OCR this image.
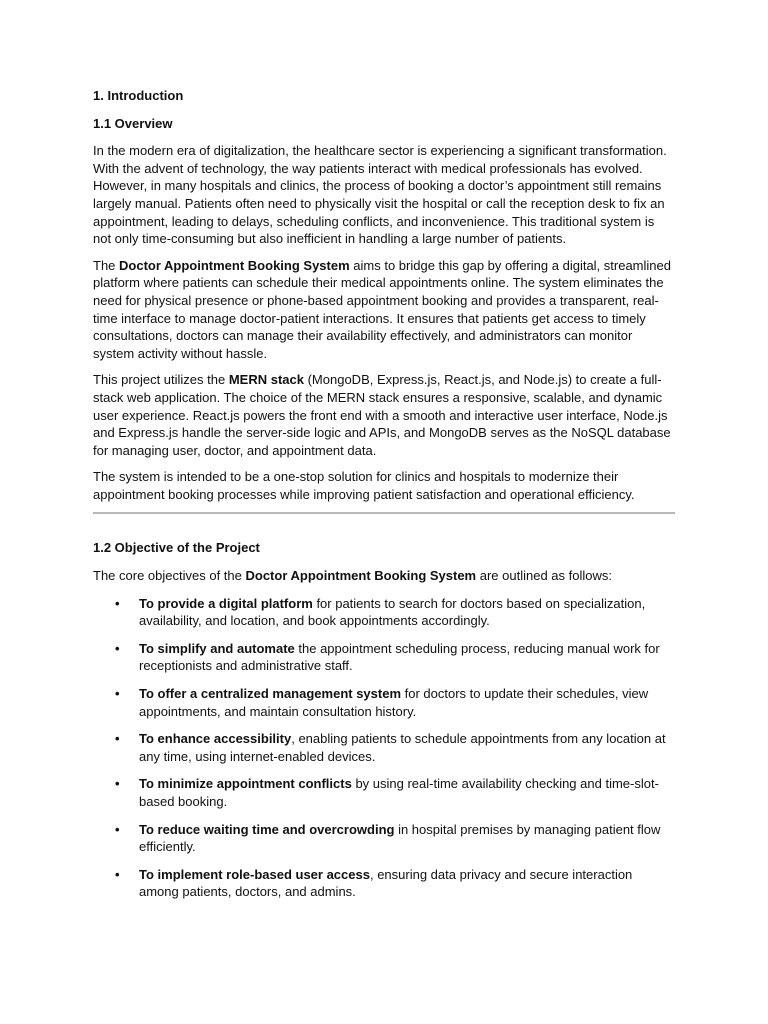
1. Introduction
1.1 Overview

In the modern era of digitalization, the healthcare sector is experiencing a significant transformation. With the advent of technology, the way patients interact with medical professionals has evolved. However, in many hospitals and clinics, the process of booking a doctor’s appointment still remains largely manual. Patients often need to physically visit the hospital or call the reception desk to fix an appointment, leading to delays, scheduling conflicts, and inconvenience. This traditional system is not only time-consuming but also inefficient in handling a large number of patients.

The Doctor Appointment Booking System aims to bridge this gap by offering a digital, streamlined platform where patients can schedule their medical appointments online. The system eliminates the need for physical presence or phone-based appointment booking and provides a transparent, real-time interface to manage doctor-patient interactions. It ensures that patients get access to timely consultations, doctors can manage their availability effectively, and administrators can monitor system activity without hassle.

This project utilizes the MERN stack (MongoDB, Express.js, React.js, and Node.js) to create a full-stack web application. The choice of the MERN stack ensures a responsive, scalable, and dynamic user experience. React.js powers the front end with a smooth and interactive user interface, Node.js and Express.js handle the server-side logic and APIs, and MongoDB serves as the NoSQL database for managing user, doctor, and appointment data.

The system is intended to be a one-stop solution for clinics and hospitals to modernize their appointment booking processes while improving patient satisfaction and operational efficiency.

1.2 Objective of the Project

The core objectives of the Doctor Appointment Booking System are outlined as follows:

• To provide a digital platform for patients to search for doctors based on specialization, availability, and location, and book appointments accordingly.
• To simplify and automate the appointment scheduling process, reducing manual work for receptionists and administrative staff.
• To offer a centralized management system for doctors to update their schedules, view appointments, and maintain consultation history.
• To enhance accessibility, enabling patients to schedule appointments from any location at any time, using internet-enabled devices.
• To minimize appointment conflicts by using real-time availability checking and time-slot-based booking.
• To reduce waiting time and overcrowding in hospital premises by managing patient flow efficiently.
• To implement role-based user access, ensuring data privacy and secure interaction among patients, doctors, and admins.
